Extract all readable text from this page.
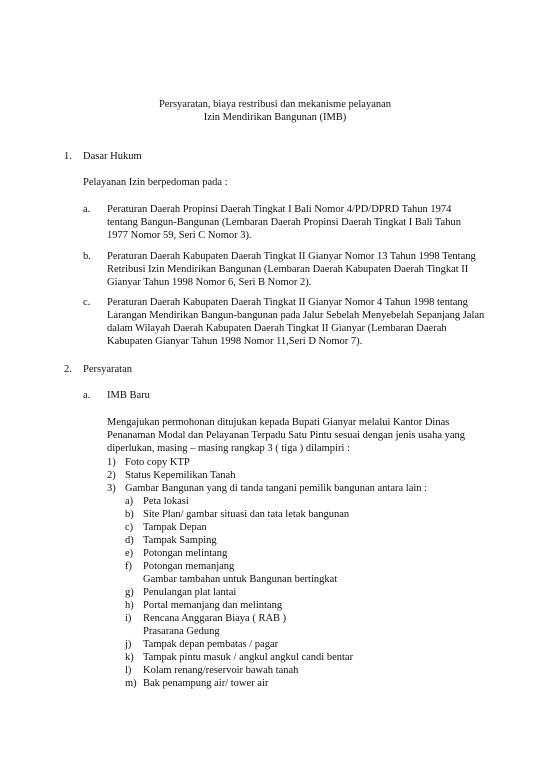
Persyaratan, biaya restribusi dan mekanisme pelayanan
Izin Mendirikan Bangunan (IMB)
1. Dasar Hukum
Pelayanan Izin berpedoman pada :
a. Peraturan Daerah Propinsi Daerah Tingkat I Bali Nomor 4/PD/DPRD Tahun 1974
tentang Bangun-Bangunan (Lembaran Daerah Propinsi Daerah Tingkat I Bali Tahun
1977 Nomor 59, Seri C Nomor 3).
b. Peraturan Daerah Kabupaten Daerah Tingkat II Gianyar Nomor 13 Tahun 1998 Tentang
Retribusi Izin Mendirikan Bangunan (Lembaran Daerah Kabupaten Daerah Tingkat II
Gianyar Tahun 1998 Nomor 6, Seri B Nomor 2).
c. Peraturan Daerah Kabupaten Daerah Tingkat II Gianyar Nomor 4 Tahun 1998 tentang
Larangan Mendirikan Bangun-bangunan pada Jalur Sebelah Menyebelah Sepanjang Jalan
dalam Wilayah Daerah Kabupaten Daerah Tingkat II Gianyar (Lembaran Daerah
Kabupaten Gianyar Tahun 1998 Nomor 11,Seri D Nomor 7).
2. Persyaratan
a. IMB Baru
Mengajukan permohonan ditujukan kepada Bupati Gianyar melalui Kantor Dinas
Penanaman Modal dan Pelayanan Terpadu Satu Pintu sesuai dengan jenis usaha yang
diperlukan, masing – masing rangkap 3 ( tiga ) dilampiri :
1) Foto copy KTP
2) Status Kepemilikan Tanah
3) Gambar Bangunan yang di tanda tangani pemilik bangunan antara lain :
a) Peta lokasi
b) Site Plan/ gambar situasi dan tata letak bangunan
c) Tampak Depan
d) Tampak Samping
e) Potongan melintang
f) Potongan memanjang
Gambar tambahan untuk Bangunan bertingkat
g) Penulangan plat lantai
h) Portal memanjang dan melintang
i) Rencana Anggaran Biaya ( RAB )
Prasarana Gedung
j) Tampak depan pembatas / pagar
k) Tampak pintu masuk / angkul angkul candi bentar
l) Kolam renang/reservoir bawah tanah
m) Bak penampung air/ tower air
